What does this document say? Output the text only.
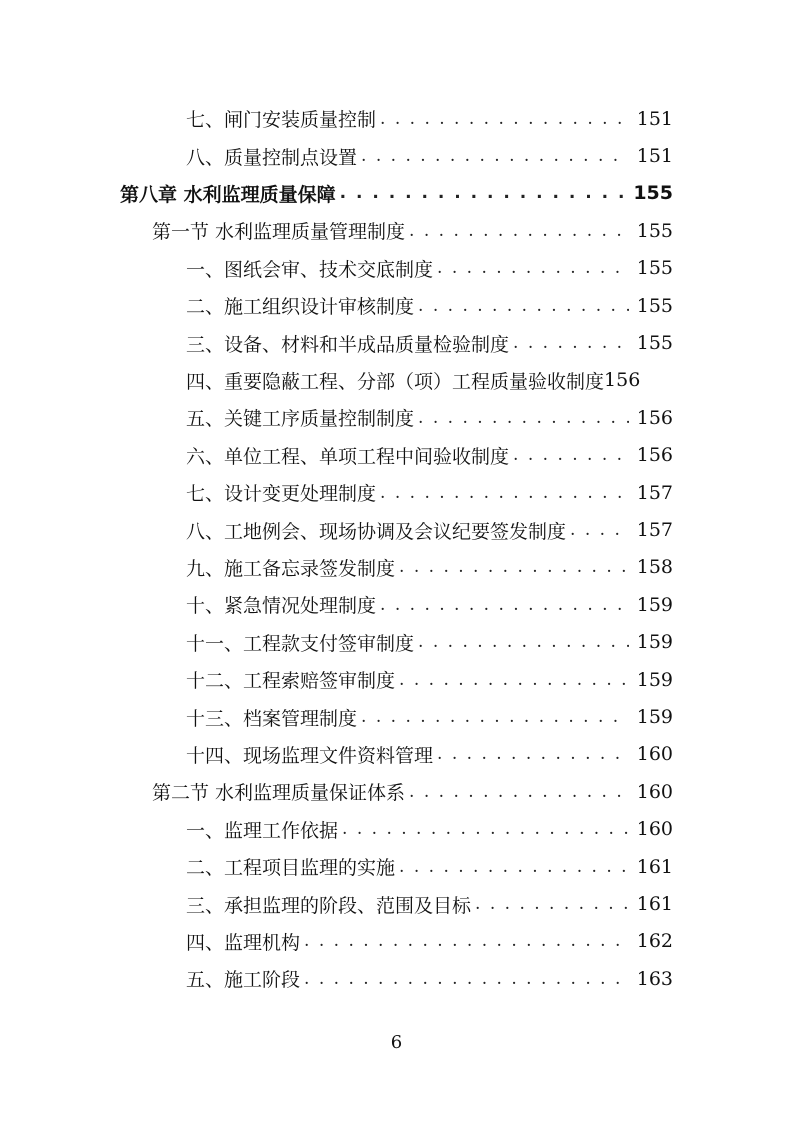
七、闸门安装质量控制 . . .	151
八、质量控制点设置 . . .	151
第八章 水利监理质量保障 . . .	155
第一节 水利监理质量管理制度 . . .	155
一、图纸会审、技术交底制度 . . .	155
二、施工组织设计审核制度 . . .	155
三、设备、材料和半成品质量检验制度 . . .	155
四、重要隐蔽工程、分部（项）工程质量验收制度 156
五、关键工序质量控制制度 . . .	156
六、单位工程、单项工程中间验收制度 . . .	156
七、设计变更处理制度 . . .	157
八、工地例会、现场协调及会议纪要签发制度 . . .	157
九、施工备忘录签发制度 . . .	158
十、紧急情况处理制度 . . .	159
十一、工程款支付签审制度 . . .	159
十二、工程索赔签审制度 . . .	159
十三、档案管理制度 . . .	159
十四、现场监理文件资料管理 . . .	160
第二节 水利监理质量保证体系 . . .	160
一、监理工作依据 . . .	160
二、工程项目监理的实施 . . .	161
三、承担监理的阶段、范围及目标 . . .	161
四、监理机构 . . .	162
五、施工阶段 . . .	163
6
